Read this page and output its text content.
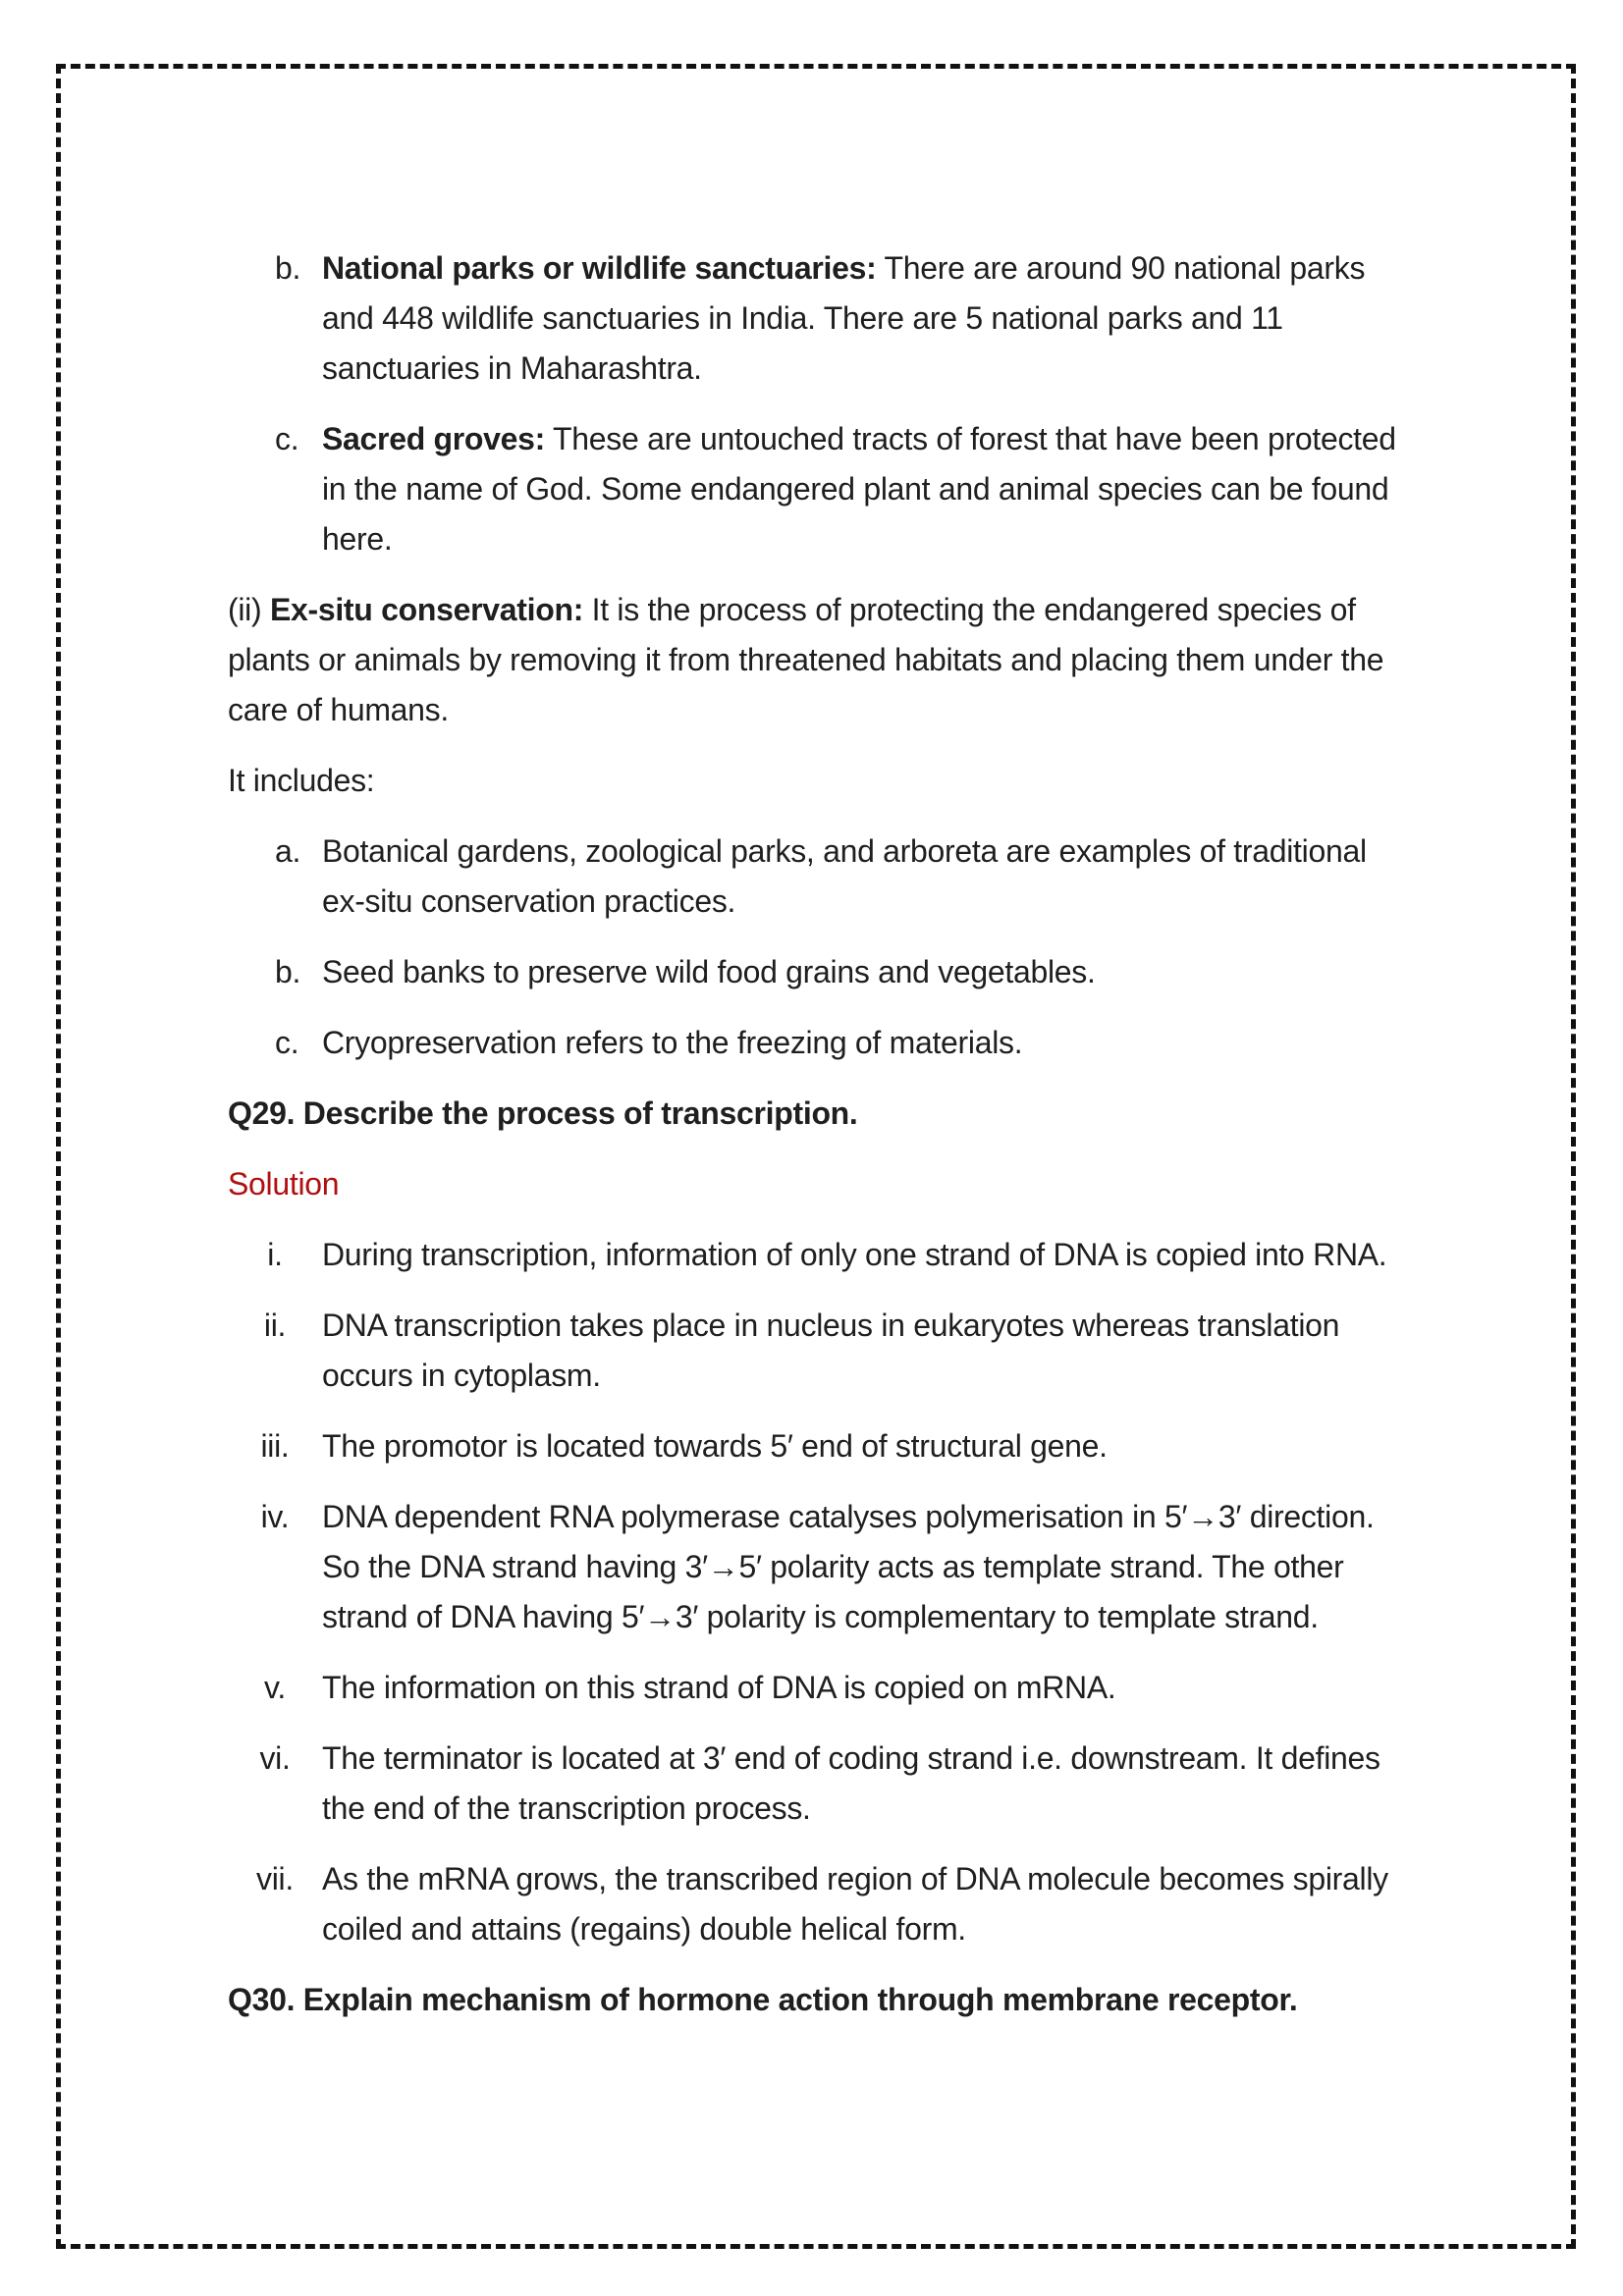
b. National parks or wildlife sanctuaries: There are around 90 national parks and 448 wildlife sanctuaries in India. There are 5 national parks and 11 sanctuaries in Maharashtra.
c. Sacred groves: These are untouched tracts of forest that have been protected in the name of God. Some endangered plant and animal species can be found here.
(ii) Ex-situ conservation: It is the process of protecting the endangered species of plants or animals by removing it from threatened habitats and placing them under the care of humans.
It includes:
a. Botanical gardens, zoological parks, and arboreta are examples of traditional ex-situ conservation practices.
b. Seed banks to preserve wild food grains and vegetables.
c. Cryopreservation refers to the freezing of materials.
Q29. Describe the process of transcription.
Solution
i.	During transcription, information of only one strand of DNA is copied into RNA.
ii.	DNA transcription takes place in nucleus in eukaryotes whereas translation occurs in cytoplasm.
iii.	The promotor is located towards 5′ end of structural gene.
iv.	DNA dependent RNA polymerase catalyses polymerisation in 5′→3′ direction. So the DNA strand having 3′→5′ polarity acts as template strand. The other strand of DNA having 5′→3′ polarity is complementary to template strand.
v.	The information on this strand of DNA is copied on mRNA.
vi.	The terminator is located at 3′ end of coding strand i.e. downstream. It defines the end of the transcription process.
vii. As the mRNA grows, the transcribed region of DNA molecule becomes spirally coiled and attains (regains) double helical form.
Q30. Explain mechanism of hormone action through membrane receptor.
